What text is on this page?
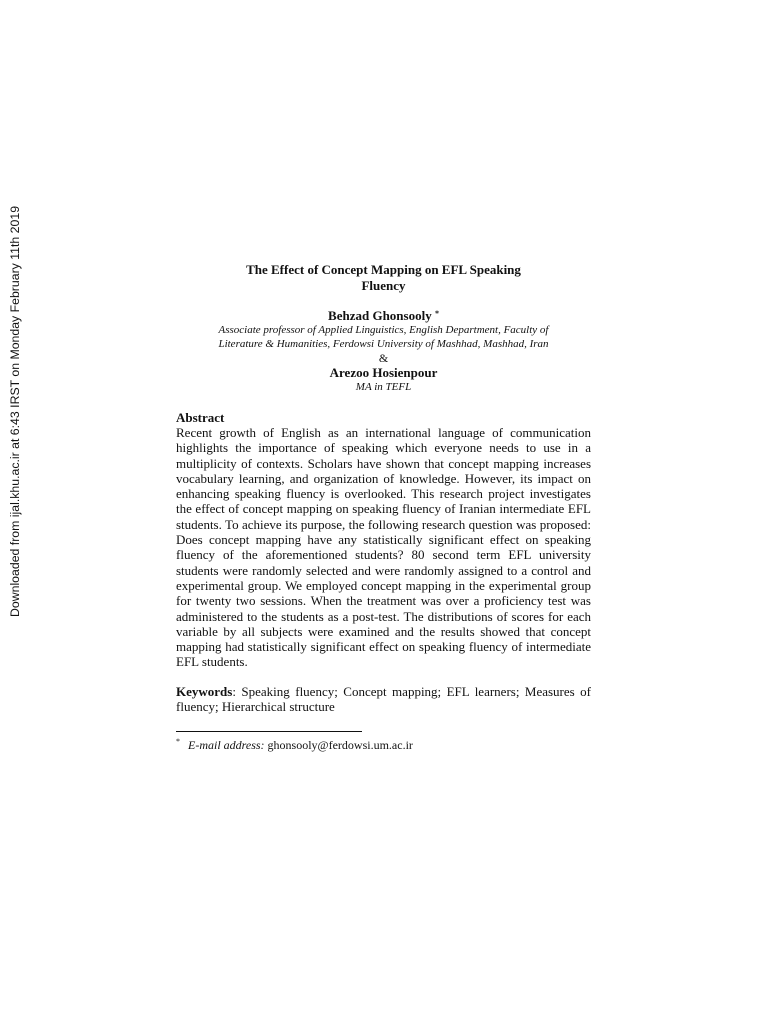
Downloaded from ijal.khu.ac.ir at 6:43 IRST on Monday February 11th 2019	The Effect of Concept Mapping on EFL Speaking
Fluency

Behzad Ghonsooly *

Associate professor of Applied Linguistics, English Department, Faculty of
Literature & Humanities, Ferdowsi University of Mashhad, Mashhad, Iran

&

Arezoo Hosienpour

MA in TEFL

Abstract

Recent growth of English as an international language of communication highlights the importance of speaking which everyone needs to use in a multiplicity of contexts. Scholars have shown that concept mapping increases vocabulary learning, and organization of knowledge. However, its impact on enhancing speaking fluency is overlooked. This research project investigates the effect of concept mapping on speaking fluency of Iranian intermediate EFL students. To achieve its purpose, the following research question was proposed: Does concept mapping have any statistically significant effect on speaking fluency of the aforementioned students? 80 second term EFL university students were randomly selected and were randomly assigned to a control and experimental group. We employed concept mapping in the experimental group for twenty two sessions. When the treatment was over a proficiency test was administered to the students as a post-test. The distributions of scores for each variable by all subjects were examined and the results showed that concept mapping had statistically significant effect on speaking fluency of intermediate EFL students.

Keywords: Speaking fluency; Concept mapping; EFL learners; Measures of fluency; Hierarchical structure

* E-mail address: ghonsooly@ferdowsi.um.ac.ir
